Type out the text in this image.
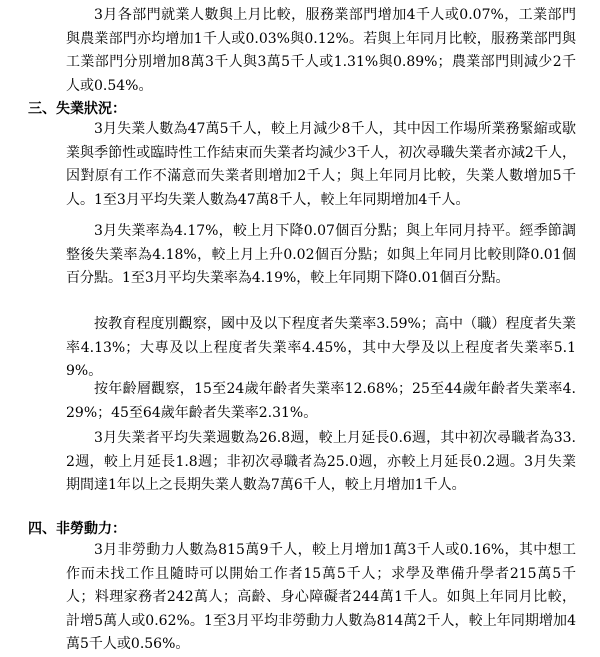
3月各部門就業人數與上月比較，服務業部門增加4千人或0.07%，工業部門與農業部門亦均增加1千人或0.03%與0.12%。若與上年同月比較，服務業部門與工業部門分別增加8萬3千人與3萬5千人或1.31%與0.89%；農業部門則減少2千人或0.54%。

三、失業狀況：

3月失業人數為47萬5千人，較上月減少8千人，其中因工作場所業務緊縮或歇業與季節性或臨時性工作結束而失業者均減少3千人，初次尋職失業者亦減2千人，因對原有工作不滿意而失業者則增加2千人；與上年同月比較，失業人數增加5千人。1至3月平均失業人數為47萬8千人，較上年同期增加4千人。

3月失業率為4.17%，較上月下降0.07個百分點；與上年同月持平。經季節調整後失業率為4.18%，較上月上升0.02個百分點；如與上年同月比較則降0.01個百分點。1至3月平均失業率為4.19%，較上年同期下降0.01個百分點。

按教育程度別觀察，國中及以下程度者失業率3.59%；高中（職）程度者失業率4.13%；大專及以上程度者失業率4.45%，其中大學及以上程度者失業率5.19%。

按年齡層觀察，15至24歲年齡者失業率12.68%；25至44歲年齡者失業率4.29%；45至64歲年齡者失業率2.31%。

3月失業者平均失業週數為26.8週，較上月延長0.6週，其中初次尋職者為33.2週，較上月延長1.8週；非初次尋職者為25.0週，亦較上月延長0.2週。3月失業期間達1年以上之長期失業人數為7萬6千人，較上月增加1千人。

四、非勞動力：

3月非勞動力人數為815萬9千人，較上月增加1萬3千人或0.16%，其中想工作而未找工作且隨時可以開始工作者15萬5千人；求學及準備升學者215萬5千人；料理家務者242萬人；高齡、身心障礙者244萬1千人。如與上年同月比較，計增5萬人或0.62%。1至3月平均非勞動力人數為814萬2千人，較上年同期增加4萬5千人或0.56%。
